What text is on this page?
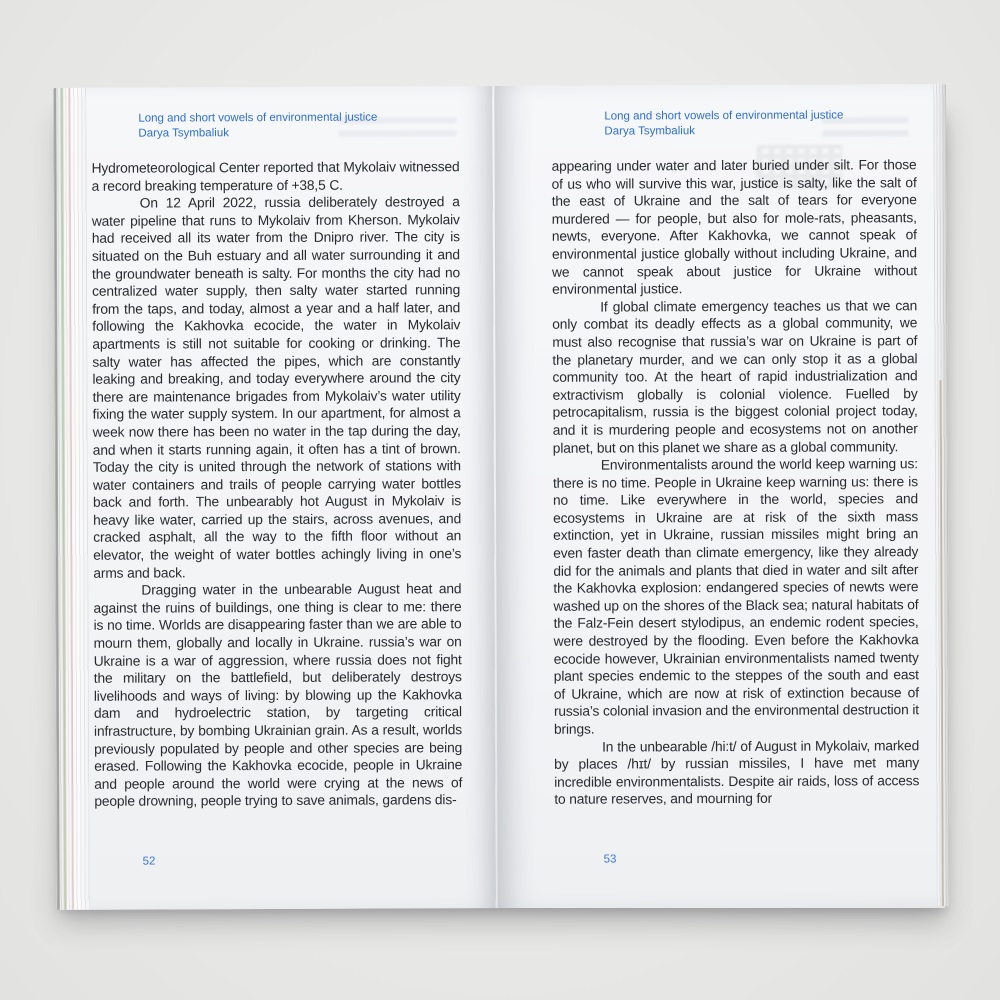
Long and short vowels of environmental justice
Darya Tsymbaliuk

Hydrometeorological Center reported that Mykolaiv witnessed a record breaking temperature of +38,5 C.

On 12 April 2022, russia deliberately destroyed a water pipeline that runs to Mykolaiv from Kherson. Mykolaiv had received all its water from the Dnipro river. The city is situated on the Buh estuary and all water surrounding it and the groundwater beneath is salty. For months the city had no centralized water supply, then salty water started running from the taps, and today, almost a year and a half later, and following the Kakhovka ecocide, the water in Mykolaiv apartments is still not suitable for cooking or drinking. The salty water has affected the pipes, which are constantly leaking and breaking, and today everywhere around the city there are maintenance brigades from Mykolaiv’s water utility fixing the water supply system. In our apartment, for almost a week now there has been no water in the tap during the day, and when it starts running again, it often has a tint of brown. Today the city is united through the network of stations with water containers and trails of people carrying water bottles back and forth. The unbearably hot August in Mykolaiv is heavy like water, carried up the stairs, across avenues, and cracked asphalt, all the way to the fifth floor without an elevator, the weight of water bottles achingly living in one’s arms and back.

Dragging water in the unbearable August heat and against the ruins of buildings, one thing is clear to me: there is no time. Worlds are disappearing faster than we are able to mourn them, globally and locally in Ukraine. russia’s war on Ukraine is a war of aggression, where russia does not fight the military on the battlefield, but deliberately destroys livelihoods and ways of living: by blowing up the Kakhovka dam and hydroelectric station, by targeting critical infrastructure, by bombing Ukrainian grain. As a result, worlds previously populated by people and other species are being erased. Following the Kakhovka ecocide, people in Ukraine and people around the world were crying at the news of people drowning, people trying to save animals, gardens dis-

52
Long and short vowels of environmental justice
Darya Tsymbaliuk

appearing under water and later buried under silt. For those of us who will survive this war, justice is salty, like the salt of the east of Ukraine and the salt of tears for everyone murdered — for people, but also for mole-rats, pheasants, newts, everyone. After Kakhovka, we cannot speak of environmental justice globally without including Ukraine, and we cannot speak about justice for Ukraine without environmental justice.

If global climate emergency teaches us that we can only combat its deadly effects as a global community, we must also recognise that russia’s war on Ukraine is part of the planetary murder, and we can only stop it as a global community too. At the heart of rapid industrialization and extractivism globally is colonial violence. Fuelled by petrocapitalism, russia is the biggest colonial project today, and it is murdering people and ecosystems not on another planet, but on this planet we share as a global community.

Environmentalists around the world keep warning us: there is no time. People in Ukraine keep warning us: there is no time. Like everywhere in the world, species and ecosystems in Ukraine are at risk of the sixth mass extinction, yet in Ukraine, russian missiles might bring an even faster death than climate emergency, like they already did for the animals and plants that died in water and silt after the Kakhovka explosion: endangered species of newts were washed up on the shores of the Black sea; natural habitats of the Falz-Fein desert stylodipus, an endemic rodent species, were destroyed by the flooding. Even before the Kakhovka ecocide however, Ukrainian environmentalists named twenty plant species endemic to the steppes of the south and east of Ukraine, which are now at risk of extinction because of russia’s colonial invasion and the environmental destruction it brings.

In the unbearable /hi:t/ of August in Mykolaiv, marked by places /hɪt/ by russian missiles, I have met many incredible environmentalists. Despite air raids, loss of access to nature reserves, and mourning for

53
